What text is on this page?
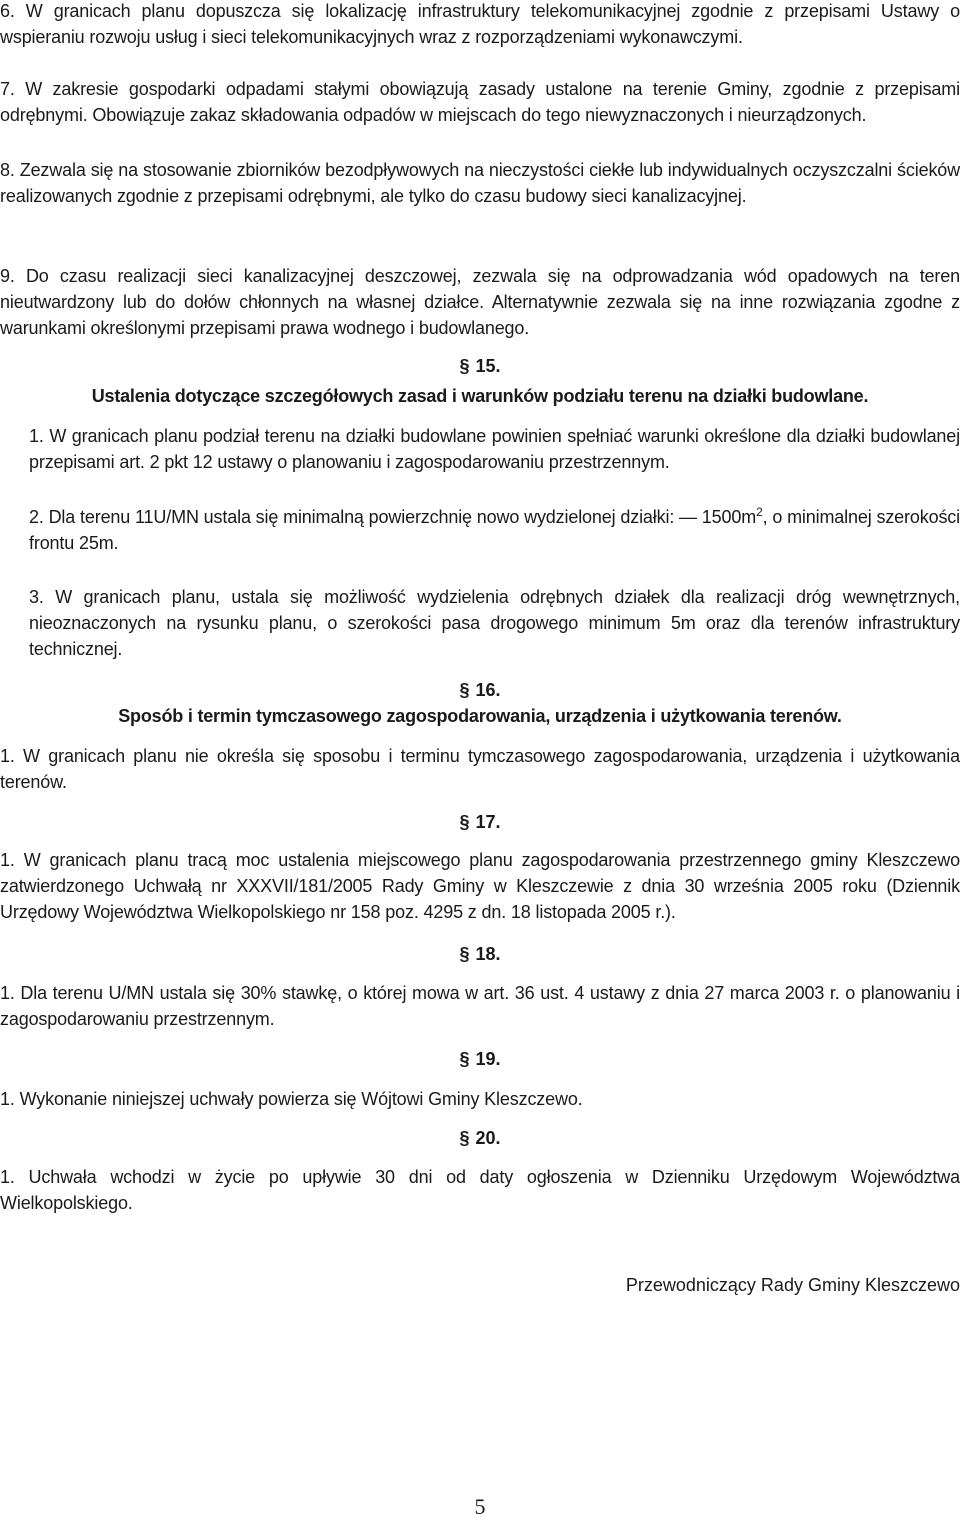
6. W granicach planu dopuszcza się lokalizację infrastruktury telekomunikacyjnej zgodnie z przepisami Ustawy o wspieraniu rozwoju usług i sieci telekomunikacyjnych wraz z rozporządzeniami wykonawczymi.

7. W zakresie gospodarki odpadami stałymi obowiązują zasady ustalone na terenie Gminy, zgodnie z przepisami odrębnymi. Obowiązuje zakaz składowania odpadów w miejscach do tego niewyznaczonych i nieurządzonych.

8. Zezwala się na stosowanie zbiorników bezodpływowych na nieczystości ciekłe lub indywidualnych oczyszczalni ścieków realizowanych zgodnie z przepisami odrębnymi, ale tylko do czasu budowy sieci kanalizacyjnej.

9. Do czasu realizacji sieci kanalizacyjnej deszczowej, zezwala się na odprowadzania wód opadowych na teren nieutwardzony lub do dołów chłonnych na własnej działce. Alternatywnie zezwala się na inne rozwiązania zgodne z warunkami określonymi przepisami prawa wodnego i budowlanego.

§ 15.

Ustalenia dotyczące szczegółowych zasad i warunków podziału terenu na działki budowlane.

1. W granicach planu podział terenu na działki budowlane powinien spełniać warunki określone dla działki budowlanej przepisami art. 2 pkt 12 ustawy o planowaniu i zagospodarowaniu przestrzennym.

2. Dla terenu 11U/MN ustala się minimalną powierzchnię nowo wydzielonej działki: — $1500m^2$, o minimalnej szerokości frontu 25m.

3. W granicach planu, ustala się możliwość wydzielenia odrębnych działek dla realizacji dróg wewnętrznych, nieoznaczonych na rysunku planu, o szerokości pasa drogowego minimum 5m oraz dla terenów infrastruktury technicznej.

§ 16.

Sposób i termin tymczasowego zagospodarowania, urządzenia i użytkowania terenów.

1. W granicach planu nie określa się sposobu i terminu tymczasowego zagospodarowania, urządzenia i użytkowania terenów.

§ 17.

1. W granicach planu tracą moc ustalenia miejscowego planu zagospodarowania przestrzennego gminy Kleszczewo zatwierdzonego Uchwałą nr XXXVII/181/2005 Rady Gminy w Kleszczewie z dnia 30 września 2005 roku (Dziennik Urzędowy Województwa Wielkopolskiego nr 158 poz. 4295 z dn. 18 listopada 2005 r.).

§ 18.

1. Dla terenu U/MN ustala się 30% stawkę, o której mowa w art. 36 ust. 4 ustawy z dnia 27 marca 2003 r. o planowaniu i zagospodarowaniu przestrzennym.

§ 19.

1. Wykonanie niniejszej uchwały powierza się Wójtowi Gminy Kleszczewo.

§ 20.

1. Uchwała wchodzi w życie po upływie 30 dni od daty ogłoszenia w Dzienniku Urzędowym Województwa Wielkopolskiego.

Przewodniczący Rady Gminy Kleszczewo

5
